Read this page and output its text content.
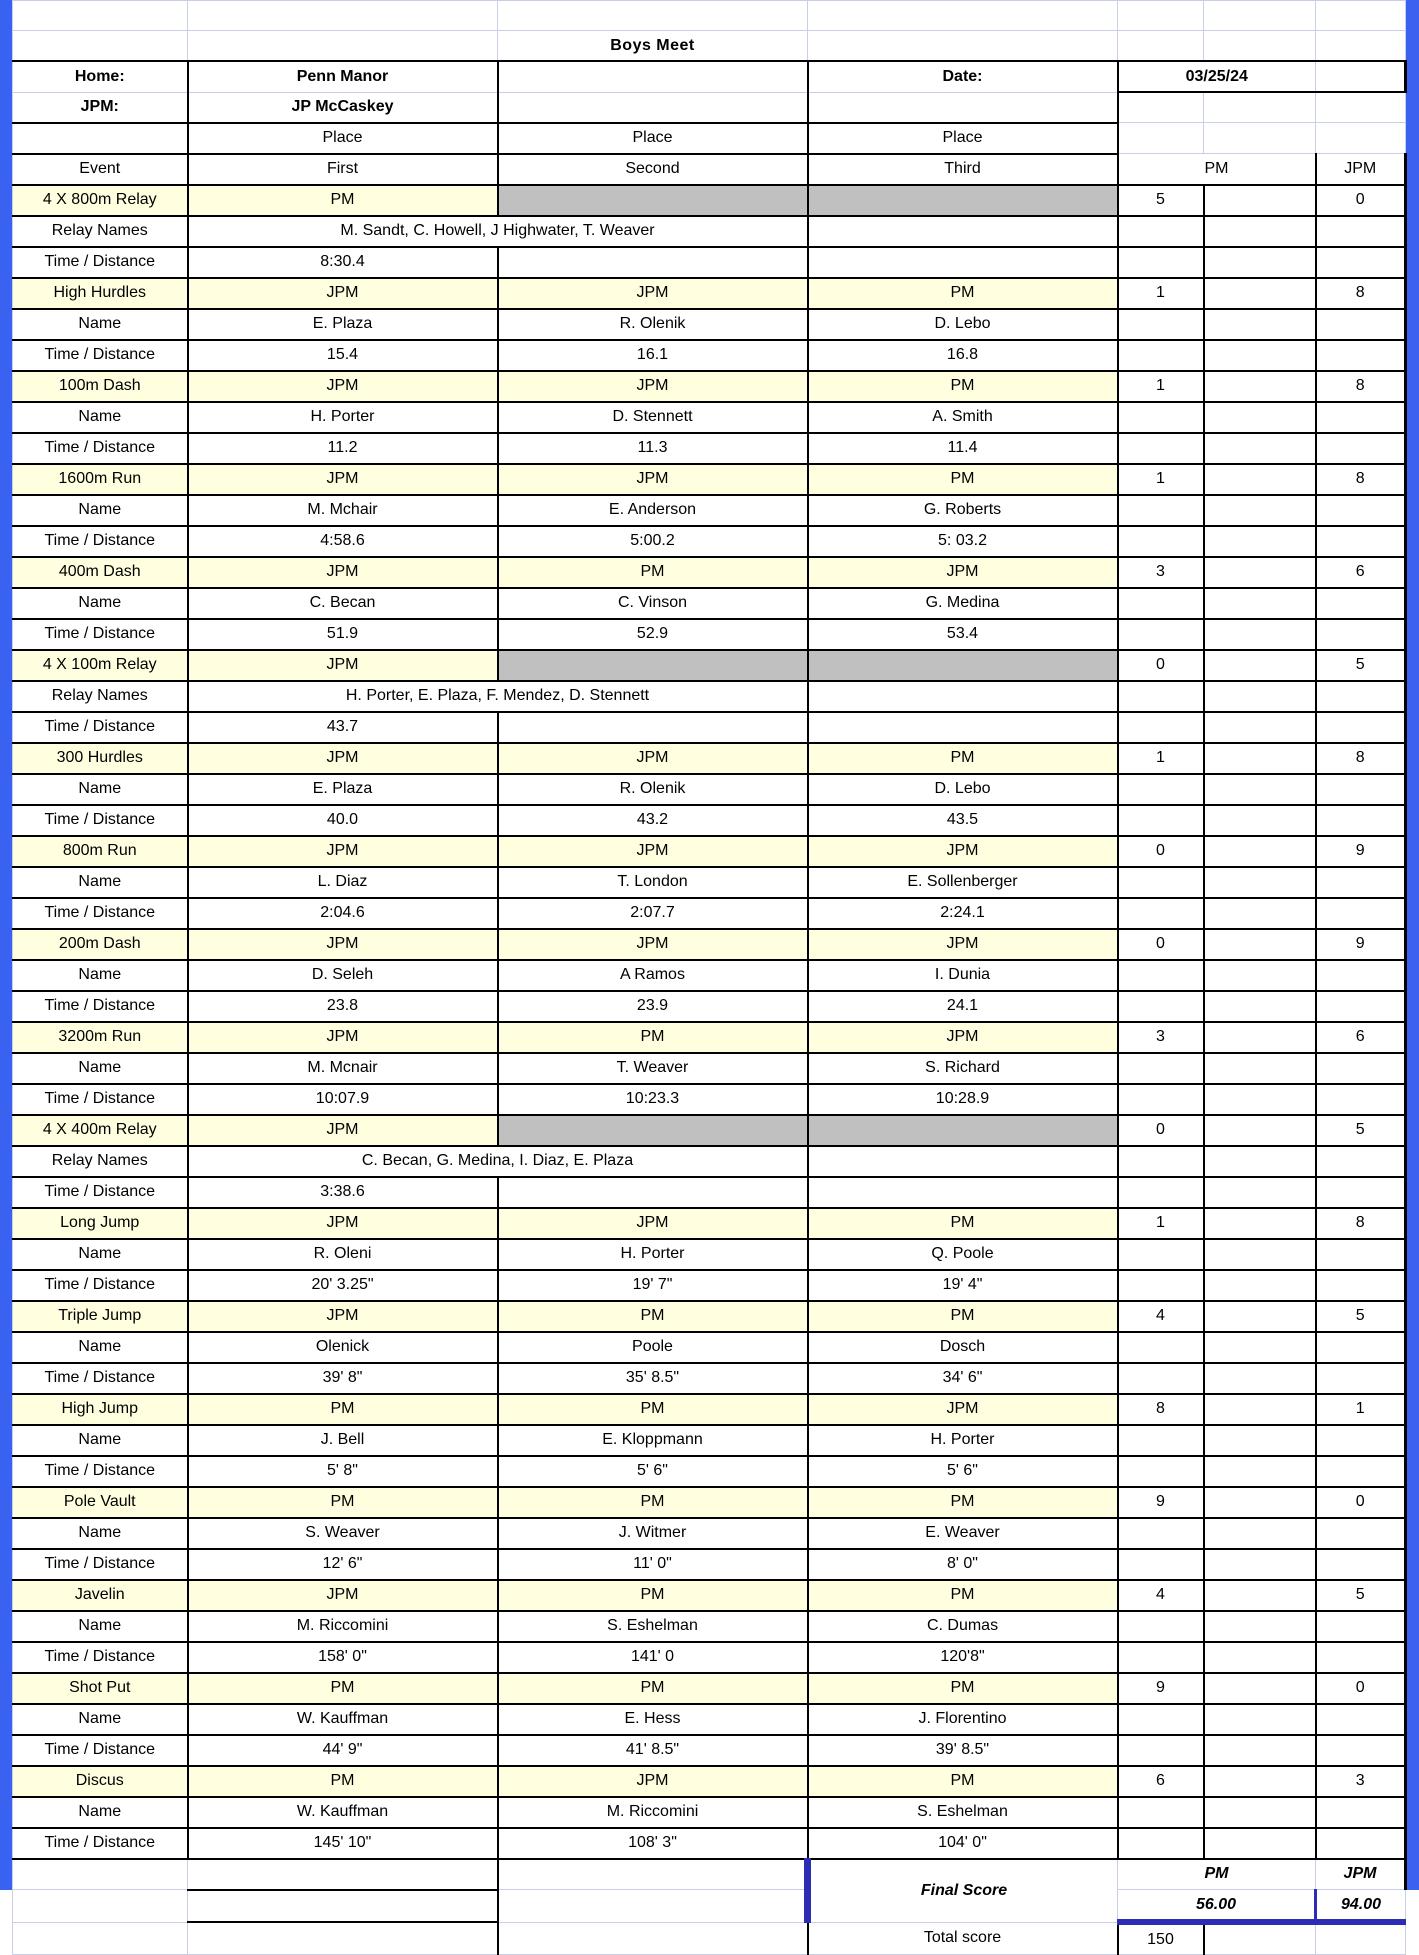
		Boys Meet				
Home:	Penn Manor		Date:	03/25/24		
JPM:	JP McCaskey					
	Place	Place	Place			
Event	First	Second	Third	PM		JPM
4 X 800m Relay	PM			5		0
Relay Names	M. Sandt, C. Howell, J Highwater, T. Weaver					
Time / Distance	8:30.4					
High Hurdles	JPM	JPM	PM	1		8
Name	E. Plaza	R. Olenik	D. Lebo			
Time / Distance	15.4	16.1	16.8			
100m Dash	JPM	JPM	PM	1		8
Name	H. Porter	D. Stennett	A. Smith			
Time / Distance	11.2	11.3	11.4			
1600m Run	JPM	JPM	PM	1		8
Name	M. Mchair	E. Anderson	G. Roberts			
Time / Distance	4:58.6	5:00.2	5: 03.2			
400m Dash	JPM	PM	JPM	3		6
Name	C. Becan	C. Vinson	G. Medina			
Time / Distance	51.9	52.9	53.4			
4 X 100m Relay	JPM			0		5
Relay Names	H. Porter, E. Plaza, F. Mendez, D. Stennett					
Time / Distance	43.7					
300 Hurdles	JPM	JPM	PM	1		8
Name	E. Plaza	R. Olenik	D. Lebo			
Time / Distance	40.0	43.2	43.5			
800m Run	JPM	JPM	JPM	0		9
Name	L. Diaz	T. London	E. Sollenberger			
Time / Distance	2:04.6	2:07.7	2:24.1			
200m Dash	JPM	JPM	JPM	0		9
Name	D. Seleh	A Ramos	I. Dunia			
Time / Distance	23.8	23.9	24.1			
3200m Run	JPM	PM	JPM	3		6
Name	M. Mcnair	T. Weaver	S. Richard			
Time / Distance	10:07.9	10:23.3	10:28.9			
4 X 400m Relay	JPM			0		5
Relay Names	C. Becan, G. Medina, I. Diaz, E. Plaza					
Time / Distance	3:38.6					
Long Jump	JPM	JPM	PM	1		8
Name	R. Oleni	H. Porter	Q. Poole			
Time / Distance	20' 3.25"	19' 7"	19' 4"			
Triple Jump	JPM	PM	PM	4		5
Name	Olenick	Poole	Dosch			
Time / Distance	39' 8"	35' 8.5"	34' 6"			
High Jump	PM	PM	JPM	8		1
Name	J. Bell	E. Kloppmann	H. Porter			
Time / Distance	5' 8"	5' 6"	5' 6"			
Pole Vault	PM	PM	PM	9		0
Name	S. Weaver	J. Witmer	E. Weaver			
Time / Distance	12' 6"	11' 0"	8' 0"			
Javelin	JPM	PM	PM	4		5
Name	M. Riccomini	S. Eshelman	C. Dumas			
Time / Distance	158' 0"	141' 0	120'8"			
Shot Put	PM	PM	PM	9		0
Name	W. Kauffman	E. Hess	J. Florentino			
Time / Distance	44' 9"	41' 8.5"	39' 8.5"			
Discus	PM	JPM	PM	6		3
Name	W. Kauffman	M. Riccomini	S. Eshelman			
Time / Distance	145' 10"	108' 3"	104' 0"			
			Final Score	PM		JPM
				56.00		94.00
			Total score	150		
